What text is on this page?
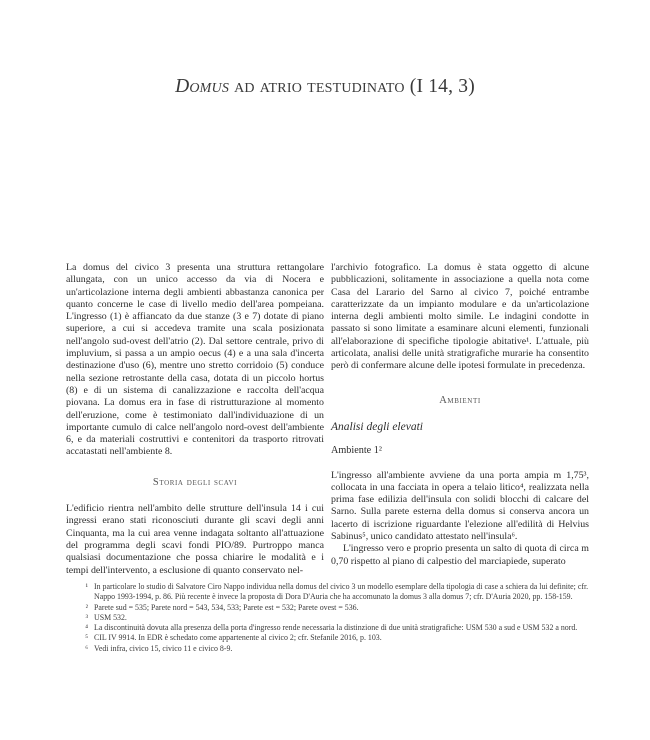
Domus ad atrio testudinato (I 14, 3)

La domus del civico 3 presenta una struttura rettangolare allungata, con un unico accesso da via di Nocera e un'articolazione interna degli ambienti abbastanza canonica per quanto concerne le case di livello medio dell'area pompeiana. L'ingresso (1) è affiancato da due stanze (3 e 7) dotate di piano superiore, a cui si accedeva tramite una scala posizionata nell'angolo sud-ovest dell'atrio (2). Dal settore centrale, privo di impluvium, si passa a un ampio oecus (4) e a una sala d'incerta destinazione d'uso (6), mentre uno stretto corridoio (5) conduce nella sezione retrostante della casa, dotata di un piccolo hortus (8) e di un sistema di canalizzazione e raccolta dell'acqua piovana. La domus era in fase di ristrutturazione al momento dell'eruzione, come è testimoniato dall'individuazione di un importante cumulo di calce nell'angolo nord-ovest dell'ambiente 6, e da materiali costruttivi e contenitori da trasporto ritrovati accatastati nell'ambiente 8.

Storia degli scavi

L'edificio rientra nell'ambito delle strutture dell'insula 14 i cui ingressi erano stati riconosciuti durante gli scavi degli anni Cinquanta, ma la cui area venne indagata soltanto all'attuazione del programma degli scavi fondi PIO/89. Purtroppo manca qualsiasi documentazione che possa chiarire le modalità e i tempi dell'intervento, a esclusione di quanto conservato nel-

l'archivio fotografico. La domus è stata oggetto di alcune pubblicazioni, solitamente in associazione a quella nota come Casa del Larario del Sarno al civico 7, poiché entrambe caratterizzate da un impianto modulare e da un'articolazione interna degli ambienti molto simile. Le indagini condotte in passato si sono limitate a esaminare alcuni elementi, funzionali all'elaborazione di specifiche tipologie abitative¹. L'attuale, più articolata, analisi delle unità stratigrafiche murarie ha consentito però di confermare alcune delle ipotesi formulate in precedenza.

Ambienti
Analisi degli elevati
Ambiente 1²

L'ingresso all'ambiente avviene da una porta ampia m 1,75³, collocata in una facciata in opera a telaio litico⁴, realizzata nella prima fase edilizia dell'insula con solidi blocchi di calcare del Sarno. Sulla parete esterna della domus si conserva ancora un lacerto di iscrizione riguardante l'elezione all'edilità di Helvius Sabinus⁵, unico candidato attestato nell'insula⁶.

L'ingresso vero e proprio presenta un salto di quota di circa m 0,70 rispetto al piano di calpestio del marciapiede, superato

¹ In particolare lo studio di Salvatore Ciro Nappo individua nella domus del civico 3 un modello esemplare della tipologia di case a schiera da lui definite; cfr. Nappo 1993-1994, p. 86. Più recente è invece la proposta di Dora D'Auria che ha accomunato la domus 3 alla domus 7; cfr. D'Auria 2020, pp. 158-159.
² Parete sud = 535; Parete nord = 543, 534, 533; Parete est = 532; Parete ovest = 536.
³ USM 532.
⁴ La discontinuità dovuta alla presenza della porta d'ingresso rende necessaria la distinzione di due unità stratigrafiche: USM 530 a sud e USM 532 a nord.
⁵ CIL IV 9914. In EDR è schedato come appartenente al civico 2; cfr. Stefanile 2016, p. 103.
⁶ Vedi infra, civico 15, civico 11 e civico 8-9.
